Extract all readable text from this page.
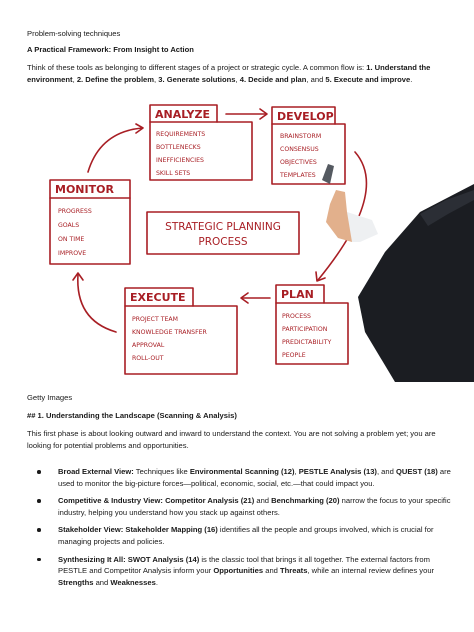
Problem-solving techniques

A Practical Framework: From Insight to Action

Think of these tools as belonging to different stages of a project or strategic cycle. A common flow is: 1. Understand the environment, 2. Define the problem, 3. Generate solutions, 4. Decide and plan, and 5. Execute and improve.

ANALYZE	DEVELOP
MONITOR
PLAN
EXECUTE
STRATEGIC PLANNING
PROCESS
REQUIREMENTS
BOTTLENECKS
INEFFICIENCIES
SKILL SETS
BRAINSTORM
CONSENSUS
OBJECTIVES
TEMPLATES
PROGRESS
GOALS
ON TIME
IMPROVE
PROCESS
PARTICIPATION
PREDICTABILITY
PEOPLE
PROJECT TEAM
KNOWLEDGE TRANSFER
APPROVAL
ROLL-OUT

Getty Images

## 1. Understanding the Landscape (Scanning & Analysis)

This first phase is about looking outward and inward to understand the context. You are not solving a problem yet; you are looking for potential problems and opportunities.

Broad External View: Techniques like Environmental Scanning (12), PESTLE Analysis (13), and QUEST (18) are used to monitor the big-picture forces—political, economic, social, etc.—that could impact you.
Competitive & Industry View: Competitor Analysis (21) and Benchmarking (20) narrow the focus to your specific industry, helping you understand how you stack up against others.
Stakeholder View: Stakeholder Mapping (16) identifies all the people and groups involved, which is crucial for managing projects and policies.
Synthesizing It All: SWOT Analysis (14) is the classic tool that brings it all together. The external factors from PESTLE and Competitor Analysis inform your Opportunities and Threats, while an internal review defines your Strengths and Weaknesses.
